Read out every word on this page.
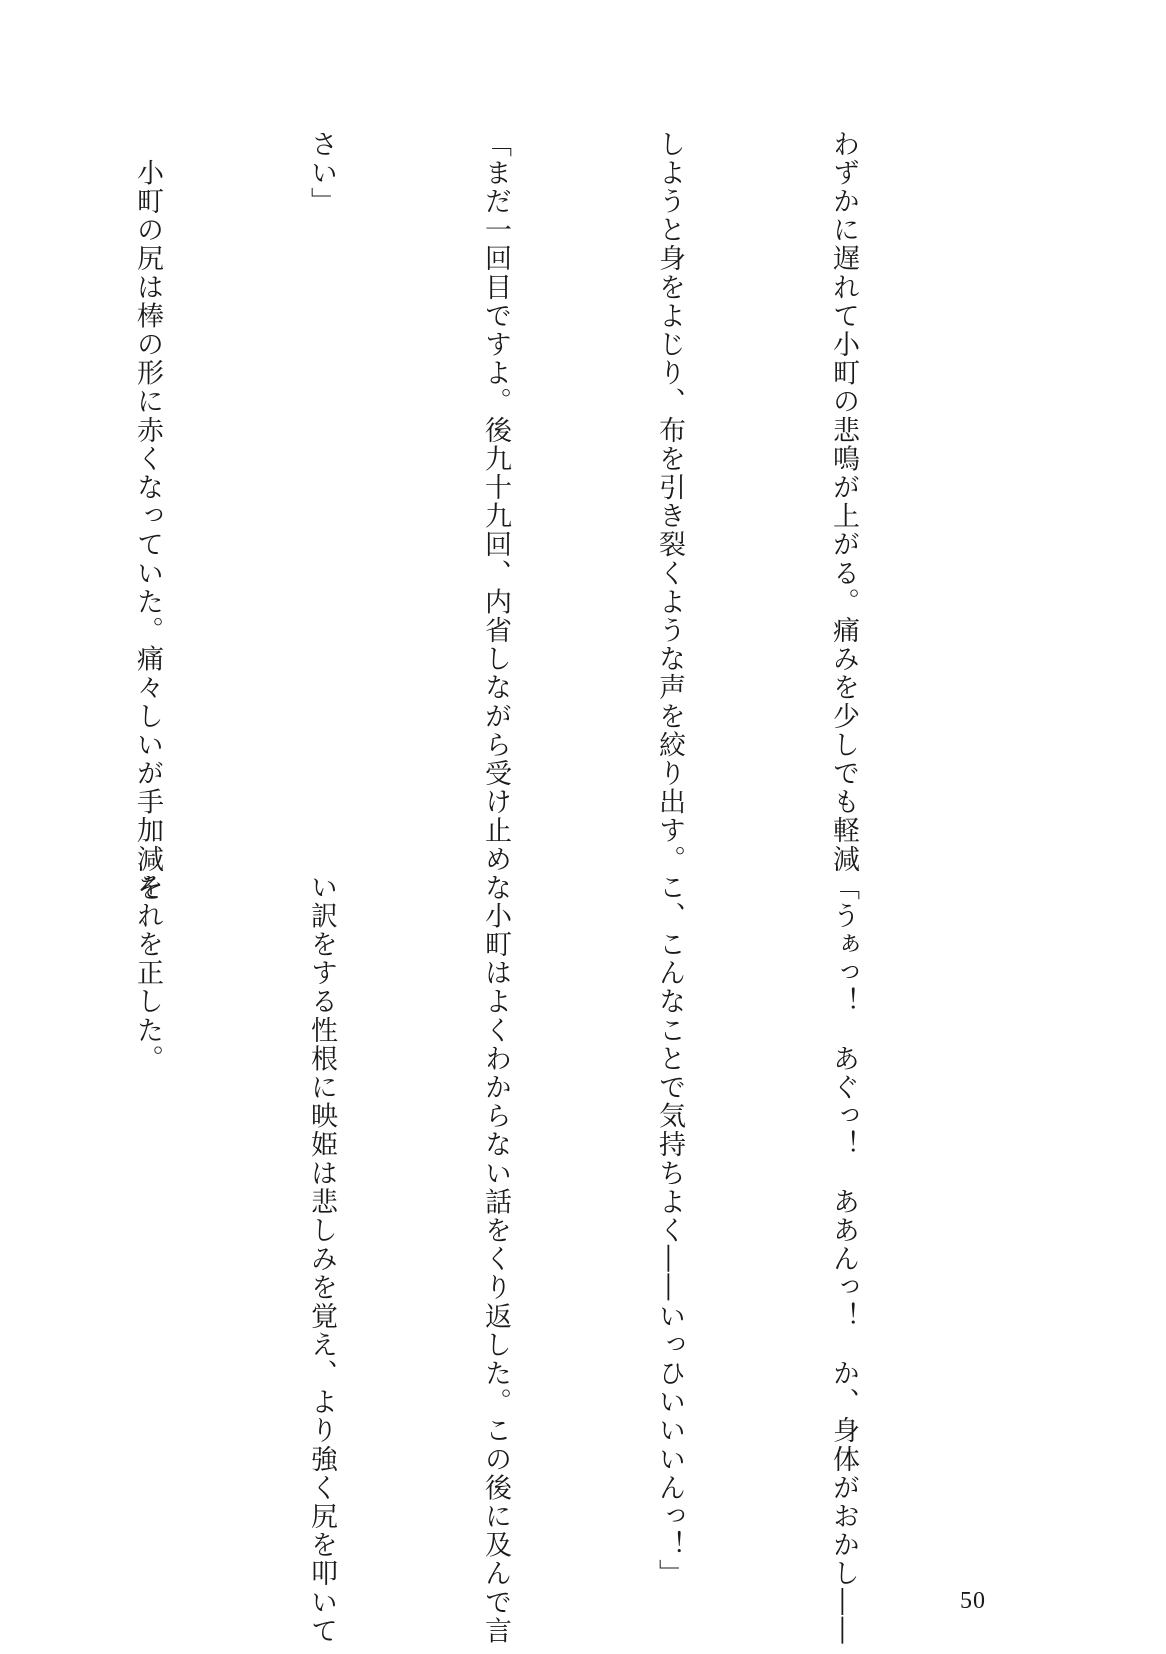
わずかに遅れて小町の悲鳴が上がる。痛みを少しでも軽減

しようと身をよじり、布を引き裂くような声を絞り出す。

「まだ一回目ですよ。後九十九回、内省しながら受け止めな

さい」

　小町の尻は棒の形に赤くなっていた。痛々しいが手加減を

「うぁっ！　あぐっ！　ああんっ！　か、身体がおかし――

こ、こんなことで気持ちよく――いっひいいいんっ！」

　小町はよくわからない話をくり返した。この後に及んで言

い訳をする性根に映姫は悲しみを覚え、より強く尻を叩いて

それを正した。

50
